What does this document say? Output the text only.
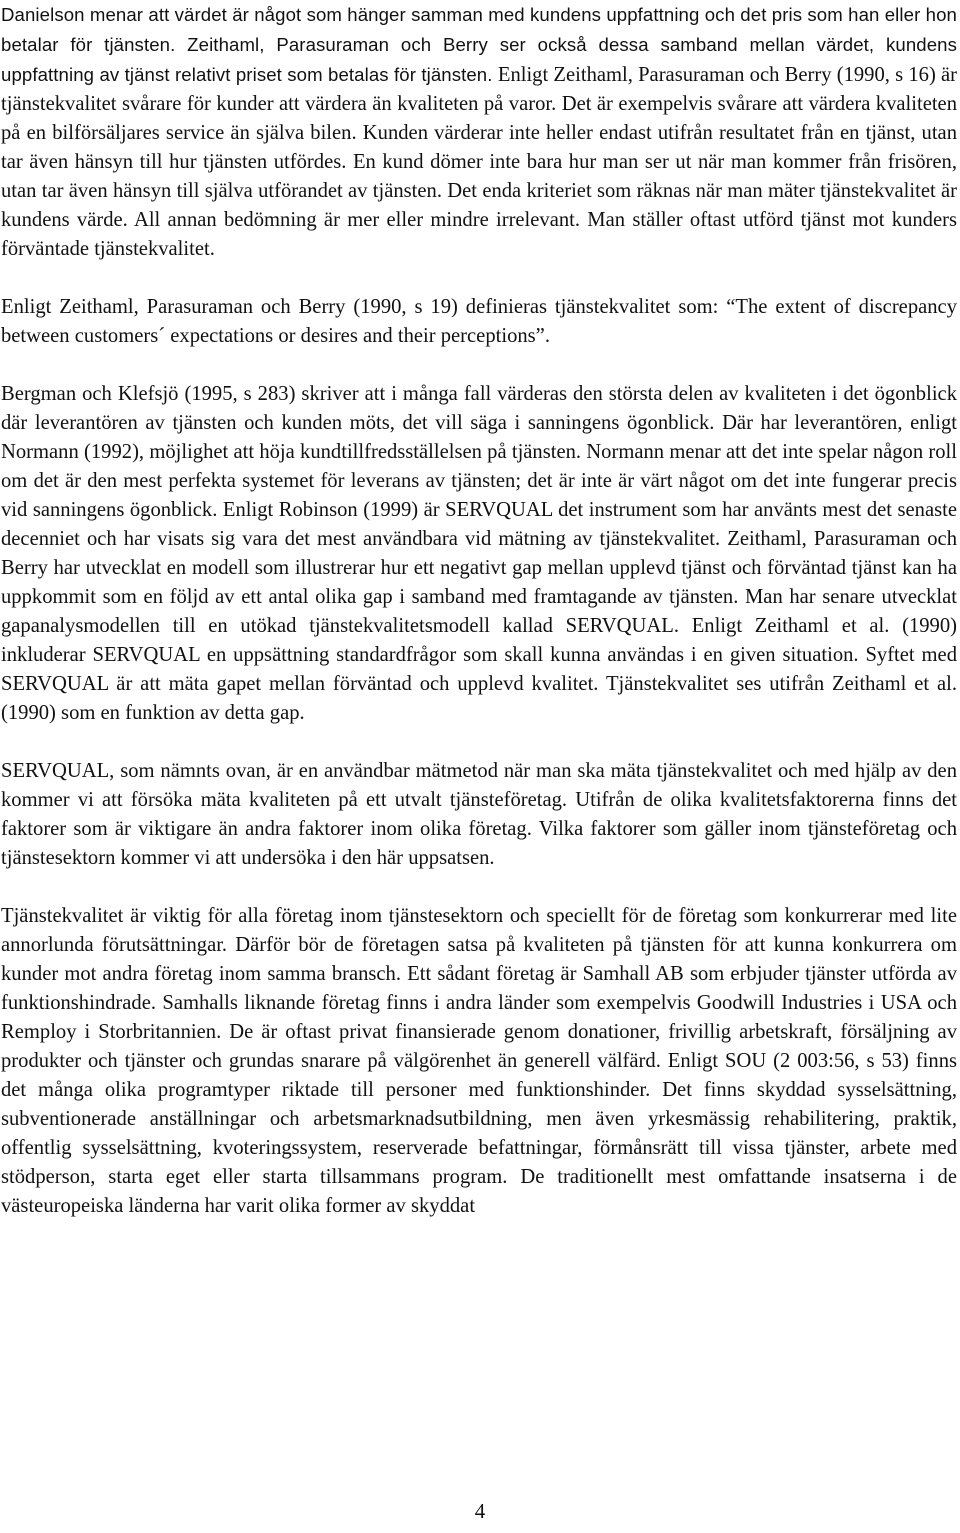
Danielson menar att värdet är något som hänger samman med kundens uppfattning och det pris som han eller hon betalar för tjänsten. Zeithaml, Parasuraman och Berry ser också dessa samband mellan värdet, kundens uppfattning av tjänst relativt priset som betalas för tjänsten. Enligt Zeithaml, Parasuraman och Berry (1990, s 16) är tjänstekvalitet svårare för kunder att värdera än kvaliteten på varor. Det är exempelvis svårare att värdera kvaliteten på en bilförsäljares service än själva bilen. Kunden värderar inte heller endast utifrån resultatet från en tjänst, utan tar även hänsyn till hur tjänsten utfördes. En kund dömer inte bara hur man ser ut när man kommer från frisören, utan tar även hänsyn till själva utförandet av tjänsten. Det enda kriteriet som räknas när man mäter tjänstekvalitet är kundens värde. All annan bedömning är mer eller mindre irrelevant. Man ställer oftast utförd tjänst mot kunders förväntade tjänstekvalitet.

Enligt Zeithaml, Parasuraman och Berry (1990, s 19) definieras tjänstekvalitet som: “The extent of discrepancy between customers´ expectations or desires and their perceptions”.

Bergman och Klefsjö (1995, s 283) skriver att i många fall värderas den största delen av kvaliteten i det ögonblick där leverantören av tjänsten och kunden möts, det vill säga i sanningens ögonblick. Där har leverantören, enligt Normann (1992), möjlighet att höja kundtillfredsställelsen på tjänsten. Normann menar att det inte spelar någon roll om det är den mest perfekta systemet för leverans av tjänsten; det är inte är värt något om det inte fungerar precis vid sanningens ögonblick. Enligt Robinson (1999) är SERVQUAL det instrument som har använts mest det senaste decenniet och har visats sig vara det mest användbara vid mätning av tjänstekvalitet. Zeithaml, Parasuraman och Berry har utvecklat en modell som illustrerar hur ett negativt gap mellan upplevd tjänst och förväntad tjänst kan ha uppkommit som en följd av ett antal olika gap i samband med framtagande av tjänsten. Man har senare utvecklat gapanalysmodellen till en utökad tjänstekvalitetsmodell kallad SERVQUAL. Enligt Zeithaml et al. (1990) inkluderar SERVQUAL en uppsättning standardfrågor som skall kunna användas i en given situation. Syftet med SERVQUAL är att mäta gapet mellan förväntad och upplevd kvalitet. Tjänstekvalitet ses utifrån Zeithaml et al. (1990) som en funktion av detta gap.

SERVQUAL, som nämnts ovan, är en användbar mätmetod när man ska mäta tjänstekvalitet och med hjälp av den kommer vi att försöka mäta kvaliteten på ett utvalt tjänsteföretag. Utifrån de olika kvalitetsfaktorerna finns det faktorer som är viktigare än andra faktorer inom olika företag. Vilka faktorer som gäller inom tjänsteföretag och tjänstesektorn kommer vi att undersöka i den här uppsatsen.

Tjänstekvalitet är viktig för alla företag inom tjänstesektorn och speciellt för de företag som konkurrerar med lite annorlunda förutsättningar. Därför bör de företagen satsa på kvaliteten på tjänsten för att kunna konkurrera om kunder mot andra företag inom samma bransch. Ett sådant företag är Samhall AB som erbjuder tjänster utförda av funktionshindrade. Samhalls liknande företag finns i andra länder som exempelvis Goodwill Industries i USA och Remploy i Storbritannien. De är oftast privat finansierade genom donationer, frivillig arbetskraft, försäljning av produkter och tjänster och grundas snarare på välgörenhet än generell välfärd. Enligt SOU (2 003:56, s 53) finns det många olika programtyper riktade till personer med funktionshinder. Det finns skyddad sysselsättning, subventionerade anställningar och arbetsmarknadsutbildning, men även yrkesmässig rehabilitering, praktik, offentlig sysselsättning, kvoteringssystem, reserverade befattningar, förmånsrätt till vissa tjänster, arbete med stödperson, starta eget eller starta tillsammans program. De traditionellt mest omfattande insatserna i de västeuropeiska länderna har varit olika former av skyddat

4
